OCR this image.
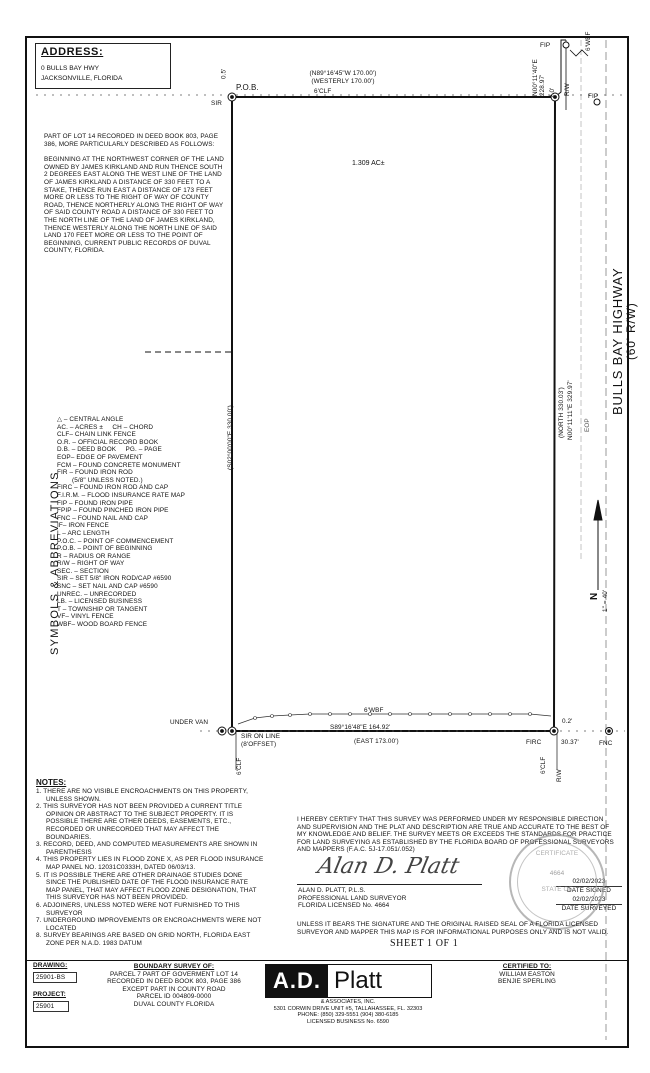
ADDRESS:
0 BULLS BAY HWY
JACKSONVILLE, FLORIDA
PART OF LOT 14 RECORDED IN DEED BOOK 803, PAGE 386, MORE PARTICULARLY DESCRIBED AS FOLLOWS:
BEGINNING AT THE NORTHWEST CORNER OF THE LAND OWNED BY JAMES KIRKLAND AND RUN THENCE SOUTH 2 DEGREES EAST ALONG THE WEST LINE OF THE LAND OF JAMES KIRKLAND A DISTANCE OF 330 FEET TO A STAKE, THENCE RUN EAST A DISTANCE OF 173 FEET MORE OR LESS TO THE RIGHT OF WAY OF COUNTY ROAD, THENCE NORTHERLY ALONG THE RIGHT OF WAY OF SAID COUNTY ROAD A DISTANCE OF 330 FEET TO THE NORTH LINE OF THE LAND OF JAMES KIRKLAND, THENCE WESTERLY ALONG THE NORTH LINE OF SAID LAND 170 FEET MORE OR LESS TO THE POINT OF BEGINNING, CURRENT PUBLIC RECORDS OF DUVAL COUNTY, FLORIDA.
(N89°16'45"W 170.00')
(WESTERLY 170.00')
P.O.B.
SIR
0.5'
6'CLF
FIP	6'WBF
R/W
2.0'
N00°11'40"E 228.97'
FIP
1.309 AC±
(S02°00'00"E 330.00')	(NORTH 330.03') N00°11'11"E 329.97' EOP
BULLS BAY HIGHWAY (60' R/W)
N 1" = 40'
6'WBF
S89°16'48"E 164.92'
(EAST 173.00')
UNDER VAN
SIR ON LINE
(8'OFFSET)
6'CLF
FIRC	30.37'	FNC
6'CLF
R/W
0.2'
SYMBOLS & ABBREVIATIONS
△ – CENTRAL ANGLE
AC. – ACRES ±     CH – CHORD
CLF– CHAIN LINK FENCE
O.R. – OFFICIAL RECORD BOOK
D.B. – DEED BOOK     PG. – PAGE
EOP– EDGE OF PAVEMENT
FCM – FOUND CONCRETE MONUMENT
FIR – FOUND IRON ROD
(5/8" UNLESS NOTED.)
FIRC – FOUND IRON ROD AND CAP
F.I.R.M. – FLOOD INSURANCE RATE MAP
FIP – FOUND IRON PIPE
FPIP – FOUND PINCHED IRON PIPE
FNC – FOUND NAIL AND CAP
IF– IRON FENCE
L – ARC LENGTH
P.O.C. – POINT OF COMMENCEMENT
P.O.B. – POINT OF BEGINNING
R – RADIUS OR RANGE
R/W – RIGHT OF WAY
SEC. – SECTION
SIR – SET 5/8" IRON ROD/CAP #6590
SNC – SET NAIL AND CAP #6590
UNREC. – UNRECORDED
LB. – LICENSED BUSINESS
T – TOWNSHIP OR TANGENT
VF– VINYL FENCE
WBF– WOOD BOARD FENCE
NOTES:
1. THERE ARE NO VISIBLE ENCROACHMENTS ON THIS PROPERTY, UNLESS SHOWN.
2. THIS SURVEYOR HAS NOT BEEN PROVIDED A CURRENT TITLE OPINION OR ABSTRACT TO THE SUBJECT PROPERTY. IT IS POSSIBLE THERE ARE OTHER DEEDS, EASEMENTS, ETC., RECORDED OR UNRECORDED THAT MAY AFFECT THE BOUNDARIES.
3. RECORD, DEED, AND COMPUTED MEASUREMENTS ARE SHOWN IN PARENTHESIS
4. THIS PROPERTY LIES IN FLOOD ZONE X, AS PER FLOOD INSURANCE MAP PANEL NO. 12031C0333H, DATED 06/03/13.
5. IT IS POSSIBLE THERE ARE OTHER DRAINAGE STUDIES DONE SINCE THE PUBLISHED DATE OF THE FLOOD INSURANCE RATE MAP PANEL, THAT MAY AFFECT FLOOD ZONE DESIGNATION, THAT THIS SURVEYOR HAS NOT BEEN PROVIDED.
6. ADJOINERS, UNLESS NOTED WERE NOT FURNISHED TO THIS SURVEYOR
7. UNDERGROUND IMPROVEMENTS OR ENCROACHMENTS WERE NOT LOCATED
8. SURVEY BEARINGS ARE BASED ON GRID NORTH, FLORIDA EAST ZONE PER N.A.D. 1983 DATUM
I HEREBY CERTIFY THAT THIS SURVEY WAS PERFORMED UNDER MY RESPONSIBLE DIRECTION AND SUPERVISION AND THE PLAT AND DESCRIPTION ARE TRUE AND ACCURATE TO THE BEST OF MY KNOWLEDGE AND BELIEF. THE SURVEY MEETS OR EXCEEDS THE STANDARDS FOR PRACTICE FOR LAND SURVEYING AS ESTABLISHED BY THE FLORIDA BOARD OF PROFESSIONAL SURVEYORS AND MAPPERS (F.A.C. 5J-17.051/.052)
Alan D. Platt
ALAN D. PLATT, P.L.S.
PROFESSIONAL LAND SURVEYOR
FLORIDA LICENSED No. 4664
02/02/2023
DATE SIGNED
02/02/2023
DATE SURVEYED
4664
CERTIFICATE
STATE OF
UNLESS IT BEARS THE SIGNATURE AND THE ORIGINAL RAISED SEAL OF A FLORIDA LICENSED SURVEYOR AND MAPPER THIS MAP IS FOR INFORMATIONAL PURPOSES ONLY AND IS NOT VALID.
SHEET 1 OF 1
DRAWING:
25901-BS
PROJECT:
25901
BOUNDARY SURVEY OF:
PARCEL 7 PART OF GOVERMENT LOT 14
RECORDED IN DEED BOOK 803, PAGE 386
EXCEPT PART IN COUNTY ROAD
PARCEL ID 004809-0000
DUVAL COUNTY FLORIDA
A.D. Platt
& ASSOCIATES, INC.
5301 CORWIN DRIVE UNIT #5, TALLAHASSEE, FL. 32303
PHONE: (850) 329-5551 (904) 380-6185
LICENSED BUSINESS No. 6590
CERTIFIED TO:
WILLIAM EASTON
BENJIE SPERLING
